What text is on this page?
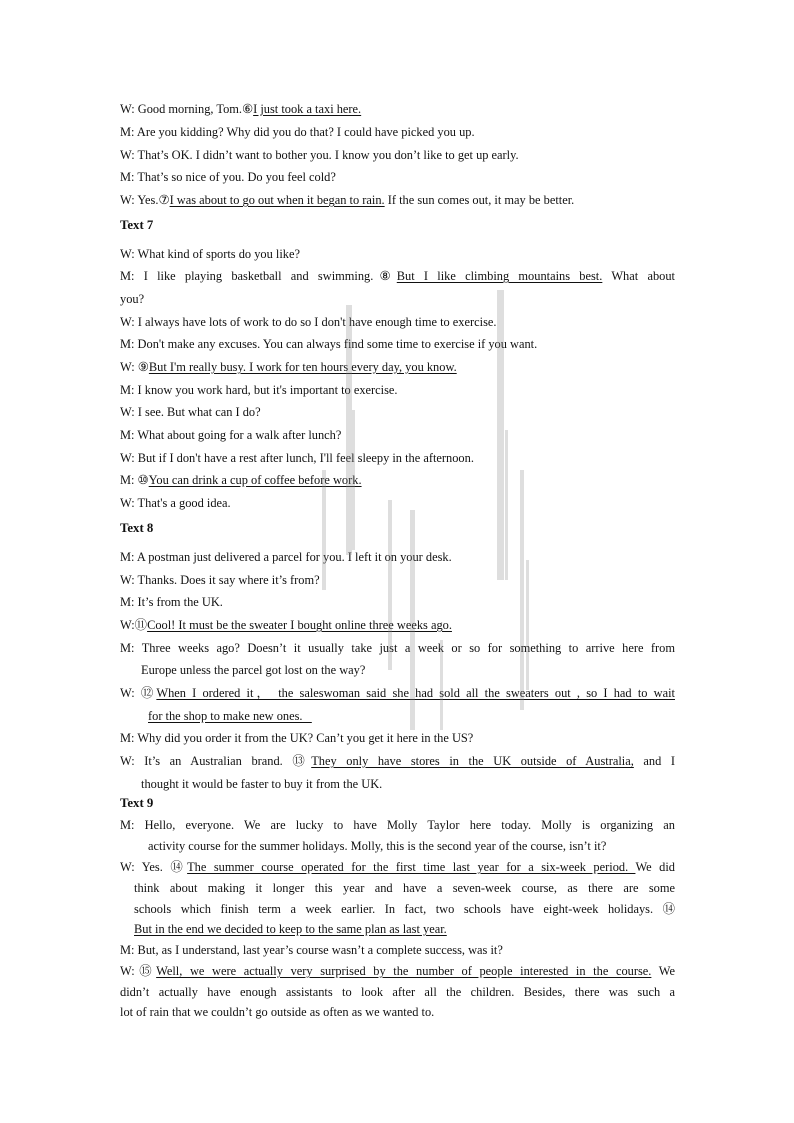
W: Good morning, Tom.⑥I just took a taxi here.
M: Are you kidding? Why did you do that? I could have picked you up.
W: That’s OK. I didn’t want to bother you. I know you don’t like to get up early.
M: That’s so nice of you. Do you feel cold?
W: Yes.⑦I was about to go out when it began to rain. If the sun comes out, it may be better.
Text 7
W: What kind of sports do you like?
M: I like playing basketball and swimming.⑧But I like climbing mountains best. What about
you?
W: I always have lots of work to do so I don't have enough time to exercise.
M: Don't make any excuses. You can always find some time to exercise if you want.
W: ⑨But I'm really busy. I work for ten hours every day, you know.
M: I know you work hard, but it's important to exercise.
W: I see. But what can I do?
M: What about going for a walk after lunch?
W: But if I don't have a rest after lunch, I'll feel sleepy in the afternoon.
M: ⑩You can drink a cup of coffee before work.
W: That's a good idea.
Text 8
M: A postman just delivered a parcel for you. I left it on your desk.
W: Thanks. Does it say where it’s from?
M: It’s from the UK.
W:⑪Cool! It must be the sweater I bought online three weeks ago.
M: Three weeks ago? Doesn’t it usually take just a week or so for something to arrive here from
Europe unless the parcel got lost on the way?
W: ⑫When I ordered it， the saleswoman said she had sold all the sweaters out , so I had to wait
for the shop to make new ones.
M: Why did you order it from the UK? Can’t you get it here in the US?
W: It’s an Australian brand. ⑬They only have stores in the UK outside of Australia, and I
thought it would be faster to buy it from the UK.
Text 9
M: Hello, everyone. We are lucky to have Molly Taylor here today. Molly is organizing an
activity course for the summer holidays. Molly, this is the second year of the course, isn’t it?
W: Yes. ⑭The summer course operated for the first time last year for a six-week period. We did
think about making it longer this year and have a seven-week course, as there are some
schools which finish term a week earlier. In fact, two schools have eight-week holidays. ⑭
But in the end we decided to keep to the same plan as last year.
M: But, as I understand, last year’s course wasn’t a complete success, was it?
W:⑮Well, we were actually very surprised by the number of people interested in the course. We
didn’t actually have enough assistants to look after all the children. Besides, there was such a
lot of rain that we couldn’t go outside as often as we wanted to.
